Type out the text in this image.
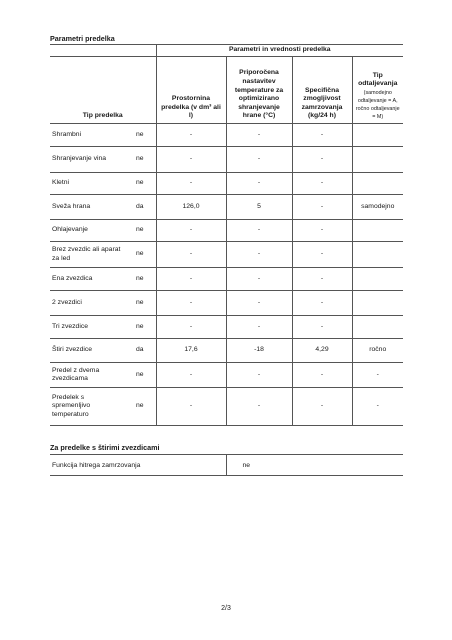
Parametri predelka
		Parametri in vrednosti predelka			
Tip predelka		Prostornina predelka (v dm³ ali l)	Priporočena nastavitev temperature za optimizirano shranjevanje hrane (°C)	Specifična zmogljivost zamrzovanja (kg/24 h)	Tip odtaljevanja
(samodejno odtaljevanje = A, ročno odtaljevanje = M)

Shrambni	ne	-	-	-	
Shranjevanje vina	ne	-	-	-	
Kletni	ne	-	-	-	
Sveža hrana	da	126,0	5	-	samodejno
Ohlajevanje	ne	-	-	-	
Brez zvezdic ali aparat za led	ne	-	-	-	
Ena zvezdica	ne	-	-	-	
2 zvezdici	ne	-	-	-	
Tri zvezdice	ne	-	-	-	
Štiri zvezdice	da	17,6	-18	4,29	ročno
Predel z dvema zvezdicama	ne	-	-	-	-
Predelek s spremenljivo temperaturo	ne	-	-	-	-
Za predelke s štirimi zvezdicami
Funkcija hitrega zamrzovanja	ne
2/3
